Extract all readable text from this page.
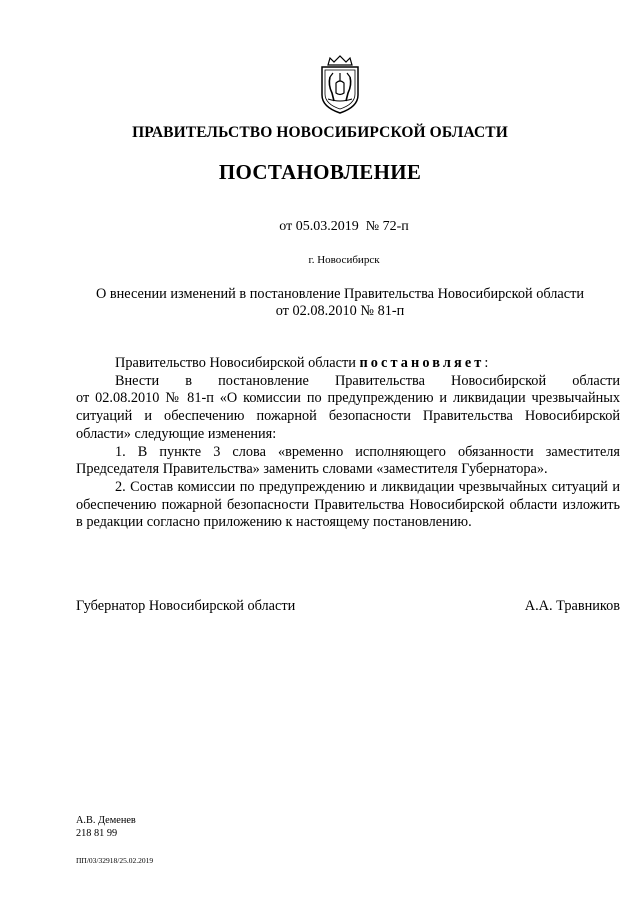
ПРАВИТЕЛЬСТВО НОВОСИБИРСКОЙ ОБЛАСТИ
ПОСТАНОВЛЕНИЕ
от 05.03.2019 № 72-п
г. Новосибирск
О внесении изменений в постановление Правительства Новосибирской области
от 02.08.2010 № 81-п
Правительство Новосибирской области постановляет:
Внести в постановление Правительства Новосибирской области
от 02.08.2010 № 81-п «О комиссии по предупреждению и ликвидации чрезвычайных ситуаций и обеспечению пожарной безопасности Правительства Новосибирской области» следующие изменения:
1. В пункте 3 слова «временно исполняющего обязанности заместителя Председателя Правительства» заменить словами «заместителя Губернатора».
2. Состав комиссии по предупреждению и ликвидации чрезвычайных ситуаций и обеспечению пожарной безопасности Правительства Новосибирской области изложить в редакции согласно приложению к настоящему постановлению.
Губернатор Новосибирской области	А.А. Травников
А.В. Деменев
218 81 99
ПП/03/32918/25.02.2019
